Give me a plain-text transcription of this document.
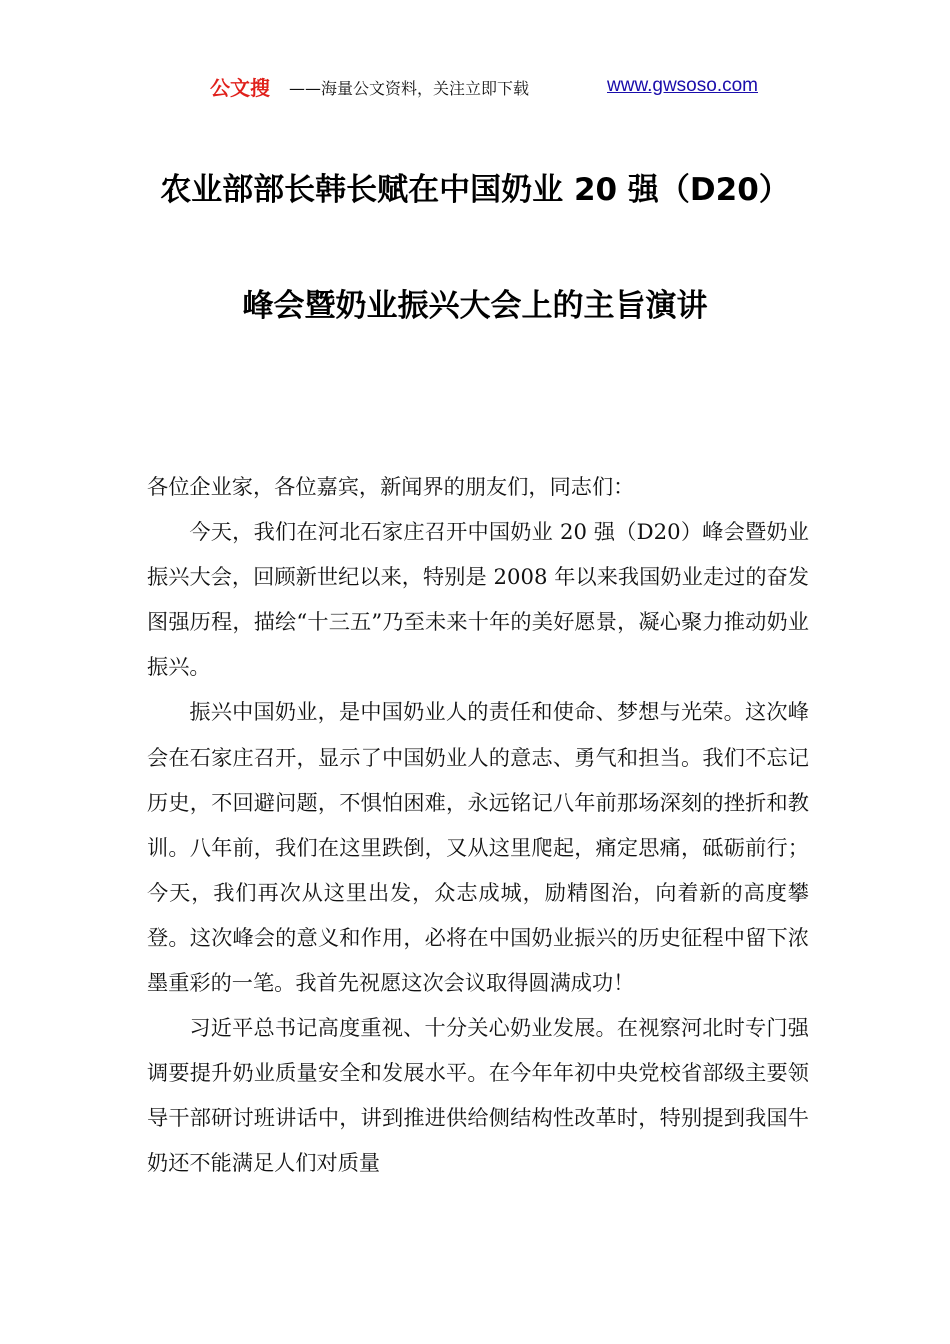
公文搜 ——海量公文资料，关注立即下载	www.gwsoso.com
农业部部长韩长赋在中国奶业 20 强（D20）
峰会暨奶业振兴大会上的主旨演讲

各位企业家，各位嘉宾，新闻界的朋友们，同志们：

今天，我们在河北石家庄召开中国奶业 20 强（D20）峰会暨奶业振兴大会，回顾新世纪以来，特别是 2008 年以来我国奶业走过的奋发图强历程，描绘“十三五”乃至未来十年的美好愿景，凝心聚力推动奶业振兴。

振兴中国奶业，是中国奶业人的责任和使命、梦想与光荣。这次峰会在石家庄召开，显示了中国奶业人的意志、勇气和担当。我们不忘记历史，不回避问题，不惧怕困难，永远铭记八年前那场深刻的挫折和教训。八年前，我们在这里跌倒，又从这里爬起，痛定思痛，砥砺前行；今天，我们再次从这里出发，众志成城，励精图治，向着新的高度攀登。这次峰会的意义和作用，必将在中国奶业振兴的历史征程中留下浓墨重彩的一笔。我首先祝愿这次会议取得圆满成功！

习近平总书记高度重视、十分关心奶业发展。在视察河北时专门强调要提升奶业质量安全和发展水平。在今年年初中央党校省部级主要领导干部研讨班讲话中，讲到推进供给侧结构性改革时，特别提到我国牛奶还不能满足人们对质量
